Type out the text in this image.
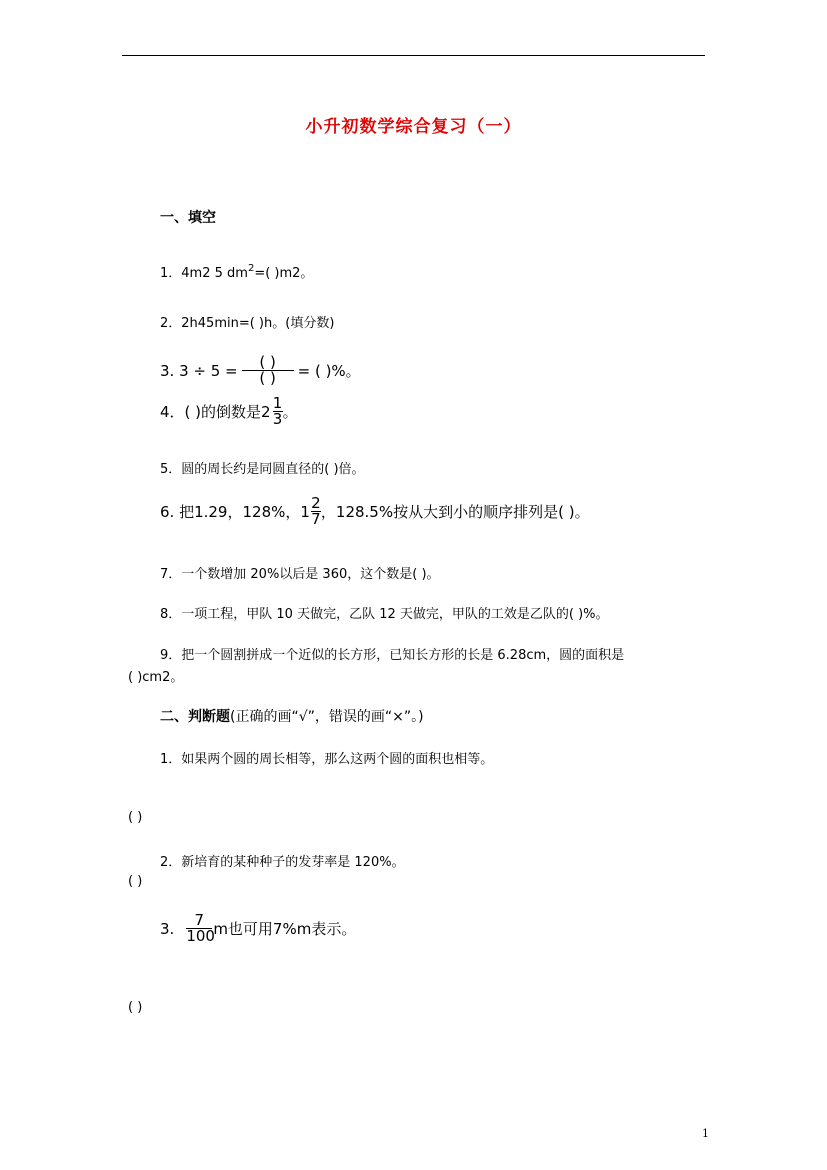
小升初数学综合复习（一）
一、填空
1．4m2 5 $dm^2=$( )m2。
2．2h45min=( )h。(填分数)
3. $3 \div 5 = \frac{( )}{( )}$ = ( )%。
4．( )的倒数是$2 \frac{1}{3}$ 。
5．圆的周长约是同圆直径的( )倍。
6. 把1.29，128%，$1 \frac{2}{7}$ ，128.5%按从大到小的顺序排列是( )。
7．一个数增加 20%以后是 360，这个数是( )。
8．一项工程，甲队 10 天做完，乙队 12 天做完，甲队的工效是乙队的( )%。
9．把一个圆割拼成一个近似的长方形，已知长方形的长是 6.28cm，圆的面积是
( )cm2。
二、判断题(正确的画“√”，错误的画“×”。)
1．如果两个圆的周长相等，那么这两个圆的面积也相等。
( )
2．新培育的某种种子的发芽率是 120%。
( )
3. $\frac{7}{100}$ m也可用7%m表示。
( )
1
